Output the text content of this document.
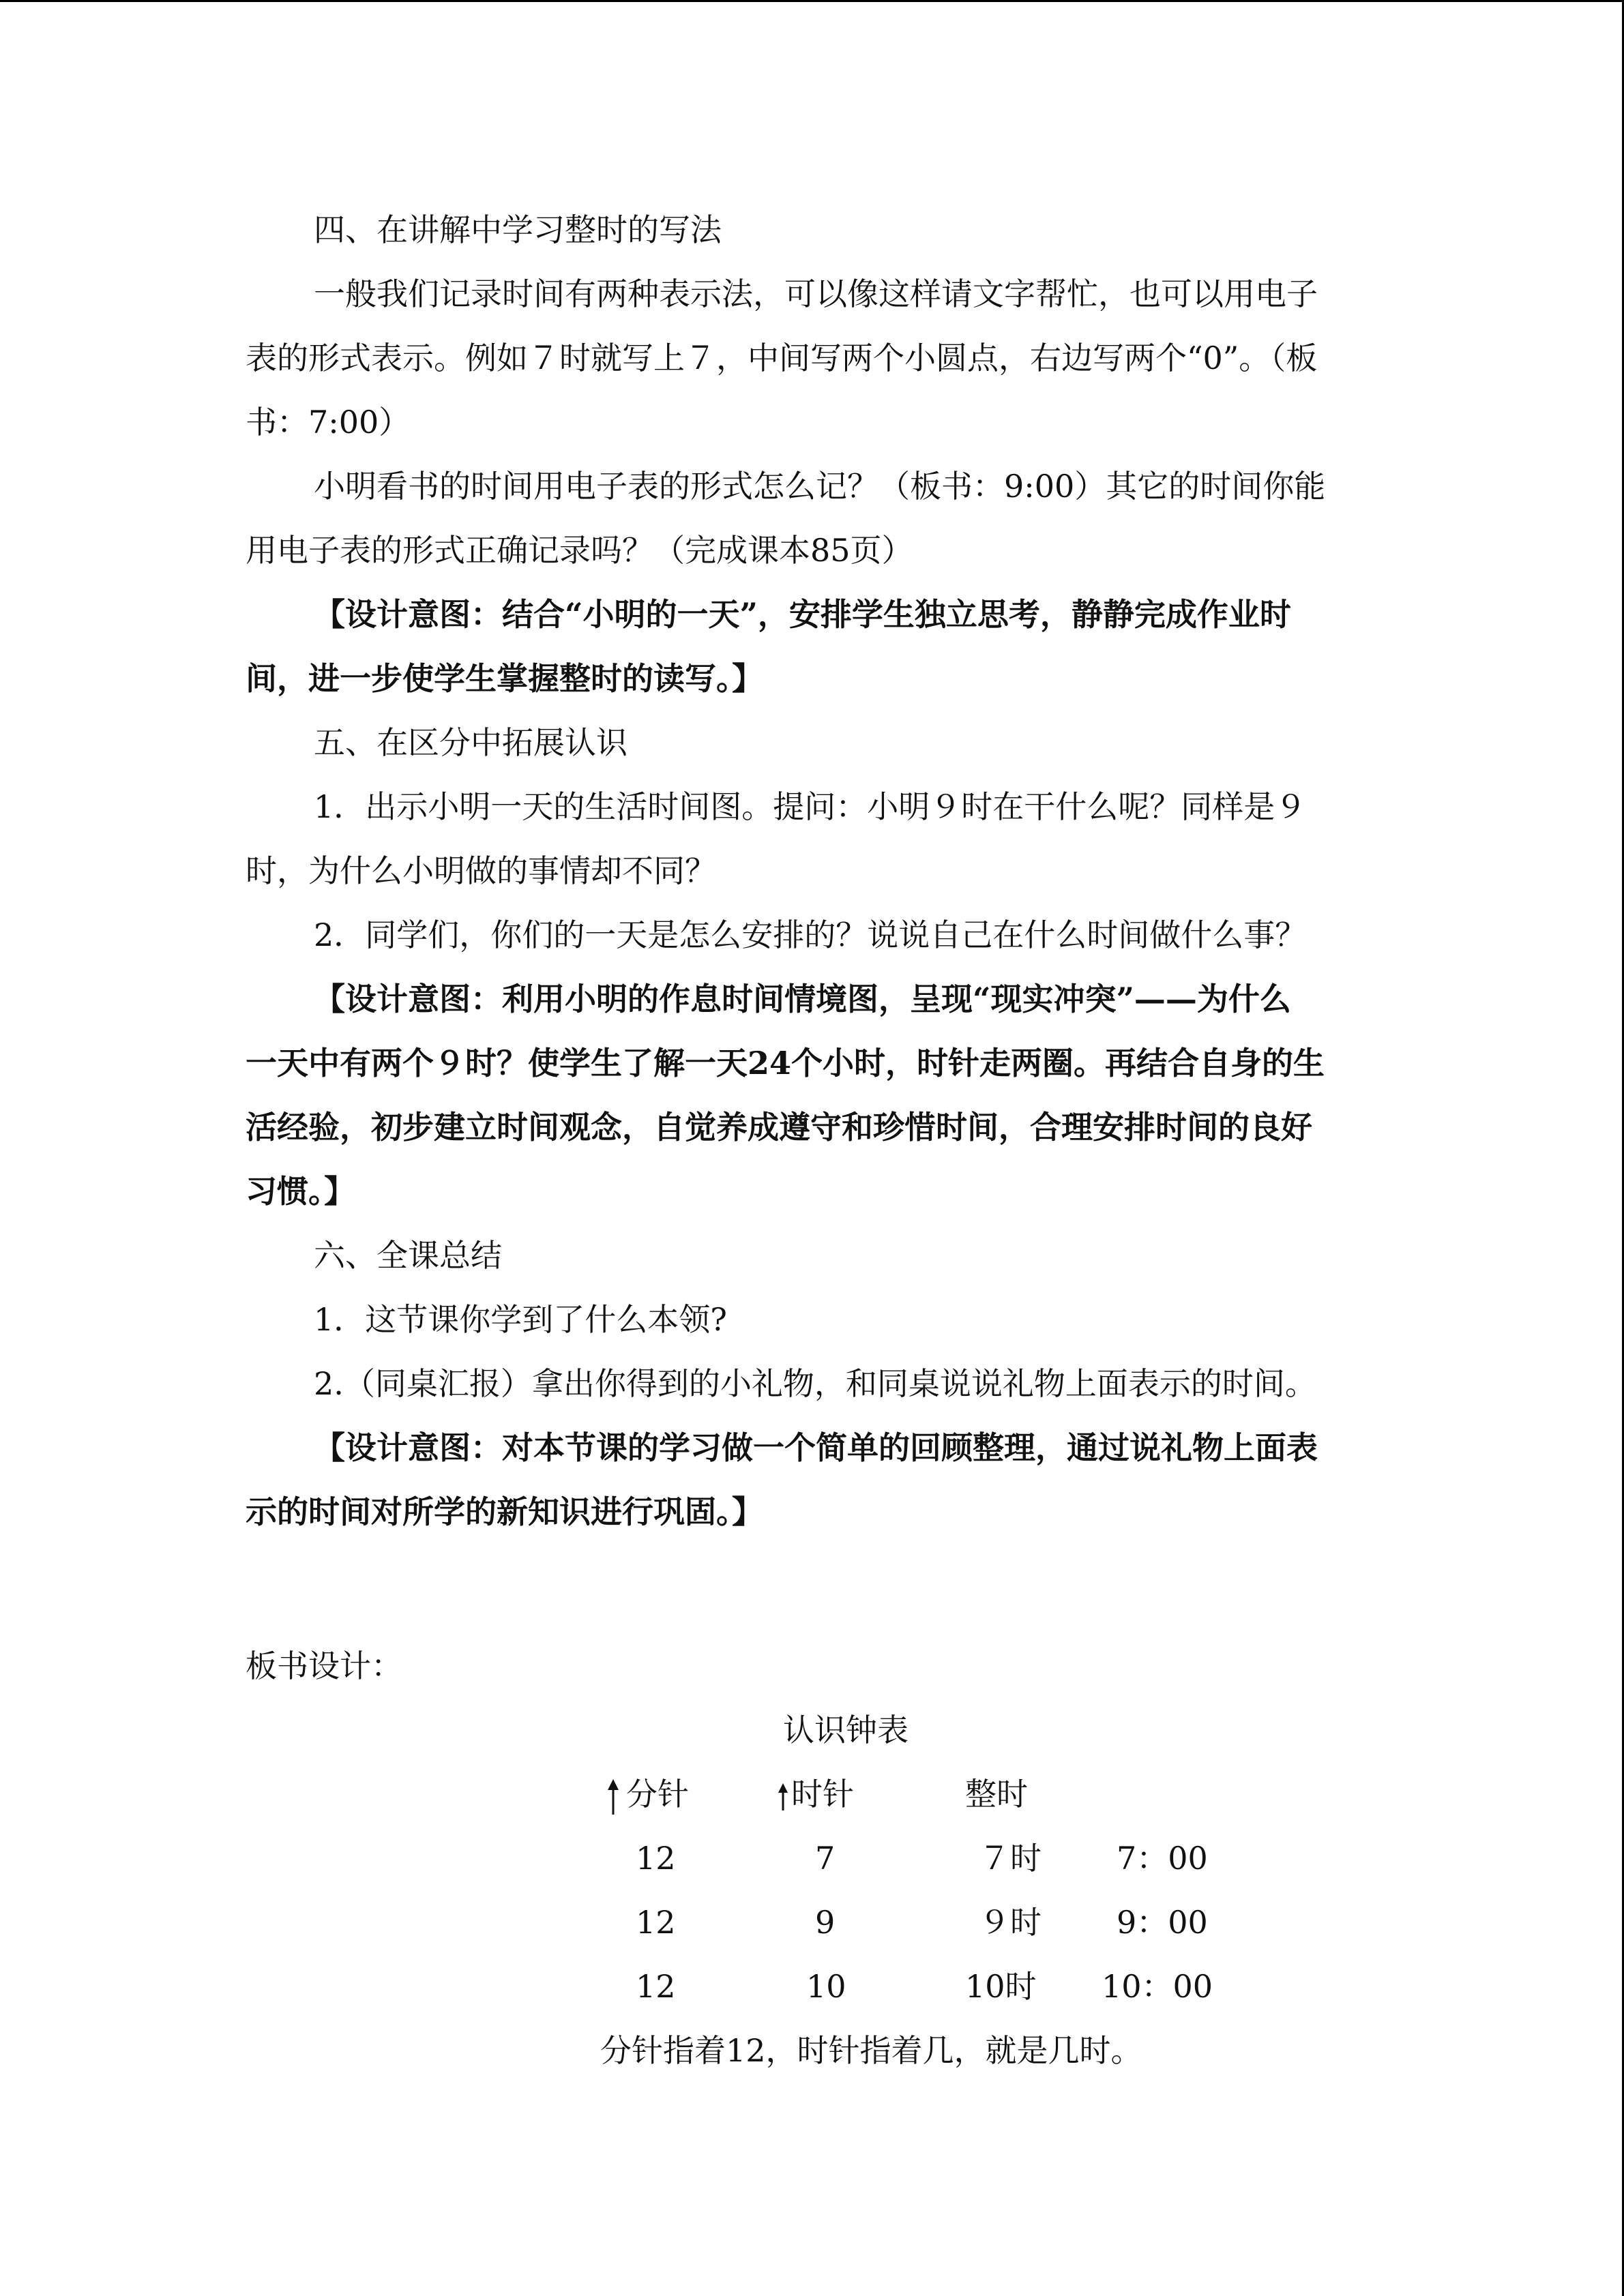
四、在讲解中学习整时的写法
一般我们记录时间有两种表示法，可以像这样请文字帮忙，也可以用电子
表的形式表示。例如７时就写上７，中间写两个小圆点，右边写两个“0”。（板
书：7:00）
小明看书的时间用电子表的形式怎么记？（板书：9:00）其它的时间你能
用电子表的形式正确记录吗？（完成课本85页）
【设计意图：结合“小明的一天”，安排学生独立思考，静静完成作业时
间，进一步使学生掌握整时的读写。】
五、在区分中拓展认识
1．出示小明一天的生活时间图。提问：小明９时在干什么呢？同样是９
时，为什么小明做的事情却不同？
2．同学们，你们的一天是怎么安排的？说说自己在什么时间做什么事？
【设计意图：利用小明的作息时间情境图，呈现“现实冲突”——为什么
一天中有两个９时？使学生了解一天24个小时，时针走两圈。再结合自身的生
活经验，初步建立时间观念，自觉养成遵守和珍惜时间，合理安排时间的良好
习惯。】
六、全课总结
1．这节课你学到了什么本领?
2.（同桌汇报）拿出你得到的小礼物，和同桌说说礼物上面表示的时间。
【设计意图：对本节课的学习做一个简单的回顾整理，通过说礼物上面表
示的时间对所学的新知识进行巩固。】
板书设计：
认识钟表
分针	时针	整时
12	7	７时 7：00
12	9	９时 9：00
12	10	10时 10：00
分针指着12，时针指着几，就是几时。
